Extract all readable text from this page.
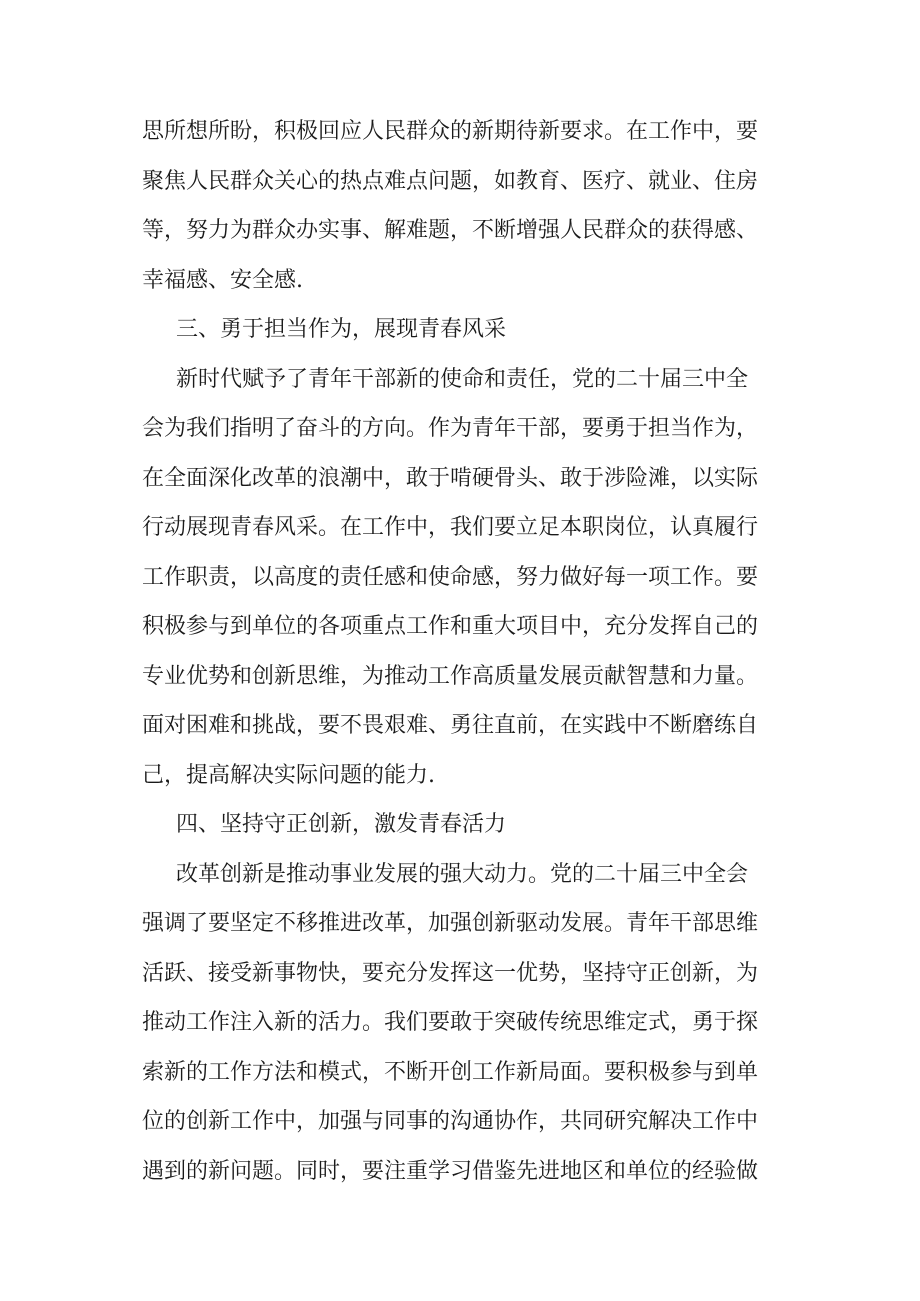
思所想所盼，积极回应人民群众的新期待新要求。在工作中，要
聚焦人民群众关心的热点难点问题，如教育、医疗、就业、住房
等，努力为群众办实事、解难题，不断增强人民群众的获得感、
幸福感、安全感.
三、勇于担当作为，展现青春风采
新时代赋予了青年干部新的使命和责任，党的二十届三中全
会为我们指明了奋斗的方向。作为青年干部，要勇于担当作为，
在全面深化改革的浪潮中，敢于啃硬骨头、敢于涉险滩，以实际
行动展现青春风采。在工作中，我们要立足本职岗位，认真履行
工作职责，以高度的责任感和使命感，努力做好每一项工作。要
积极参与到单位的各项重点工作和重大项目中，充分发挥自己的
专业优势和创新思维，为推动工作高质量发展贡献智慧和力量。
面对困难和挑战，要不畏艰难、勇往直前，在实践中不断磨练自
己，提高解决实际问题的能力.
四、坚持守正创新，激发青春活力
改革创新是推动事业发展的强大动力。党的二十届三中全会
强调了要坚定不移推进改革，加强创新驱动发展。青年干部思维
活跃、接受新事物快，要充分发挥这一优势，坚持守正创新，为
推动工作注入新的活力。我们要敢于突破传统思维定式，勇于探
索新的工作方法和模式，不断开创工作新局面。要积极参与到单
位的创新工作中，加强与同事的沟通协作，共同研究解决工作中
遇到的新问题。同时，要注重学习借鉴先进地区和单位的经验做
